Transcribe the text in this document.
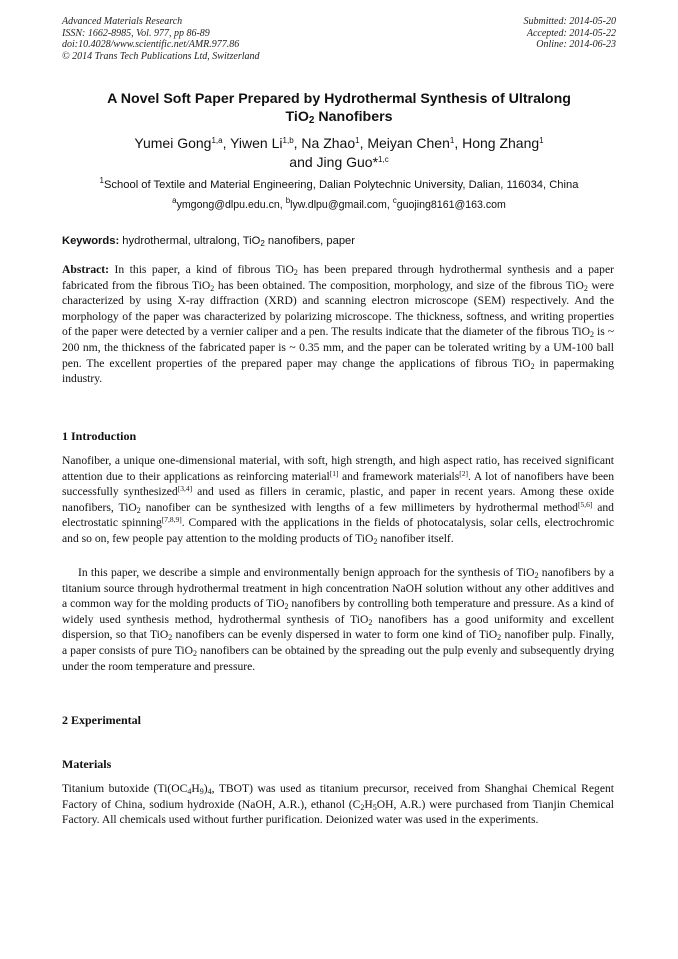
Advanced Materials Research
ISSN: 1662-8985, Vol. 977, pp 86-89
doi:10.4028/www.scientific.net/AMR.977.86
© 2014 Trans Tech Publications Ltd, Switzerland
Submitted: 2014-05-20
Accepted: 2014-05-22
Online: 2014-06-23
A Novel Soft Paper Prepared by Hydrothermal Synthesis of Ultralong
TiO$_2$ Nanofibers
Yumei Gong$^{1,a}$, Yiwen Li$^{1,b}$, Na Zhao$^1$, Meiyan Chen$^1$, Hong Zhang$^1$
and Jing Guo*$^{1,c}$
$^1$School of Textile and Material Engineering, Dalian Polytechnic University, Dalian, 116034, China
$^a$ymgong@dlpu.edu.cn, $^b$lyw.dlpu@gmail.com, $^c$guojing8161@163.com
Keywords: hydrothermal, ultralong, TiO$_2$ nanofibers, paper

Abstract: In this paper, a kind of fibrous TiO$_2$ has been prepared through hydrothermal synthesis and a paper fabricated from the fibrous TiO$_2$ has been obtained. The composition, morphology, and size of the fibrous TiO$_2$ were characterized by using X-ray diffraction (XRD) and scanning electron microscope (SEM) respectively. And the morphology of the paper was characterized by polarizing microscope. The thickness, softness, and writing properties of the paper were detected by a vernier caliper and a pen. The results indicate that the diameter of the fibrous TiO$_2$ is ~ 200 nm, the thickness of the fabricated paper is ~ 0.35 mm, and the paper can be tolerated writing by a UM-100 ball pen. The excellent properties of the prepared paper may change the applications of fibrous TiO$_2$ in papermaking industry.

1 Introduction

Nanofiber, a unique one-dimensional material, with soft, high strength, and high aspect ratio, has received significant attention due to their applications as reinforcing material[1] and framework materials[2]. A lot of nanofibers have been successfully synthesized[3,4] and used as fillers in ceramic, plastic, and paper in recent years. Among these oxide nanofibers, TiO$_2$ nanofiber can be synthesized with lengths of a few millimeters by hydrothermal method[5,6] and electrostatic spinning[7,8,9]. Compared with the applications in the fields of photocatalysis, solar cells, electrochromic and so on, few people pay attention to the molding products of TiO$_2$ nanofiber itself.

In this paper, we describe a simple and environmentally benign approach for the synthesis of TiO$_2$ nanofibers by a titanium source through hydrothermal treatment in high concentration NaOH solution without any other additives and a common way for the molding products of TiO$_2$ nanofibers by controlling both temperature and pressure. As a kind of widely used synthesis method, hydrothermal synthesis of TiO$_2$ nanofibers has a good uniformity and excellent dispersion, so that TiO$_2$ nanofibers can be evenly dispersed in water to form one kind of TiO$_2$ nanofiber pulp. Finally, a paper consists of pure TiO$_2$ nanofibers can be obtained by the spreading out the pulp evenly and subsequently drying under the room temperature and pressure.

2 Experimental
Materials

Titanium butoxide ($Ti(OC_4H_9)_4$, TBOT) was used as titanium precursor, received from Shanghai Chemical Regent Factory of China, sodium hydroxide (NaOH, A.R.), ethanol ($C_2H_5OH$, A.R.) were purchased from Tianjin Chemical Factory. All chemicals used without further purification. Deionized water was used in the experiments.
